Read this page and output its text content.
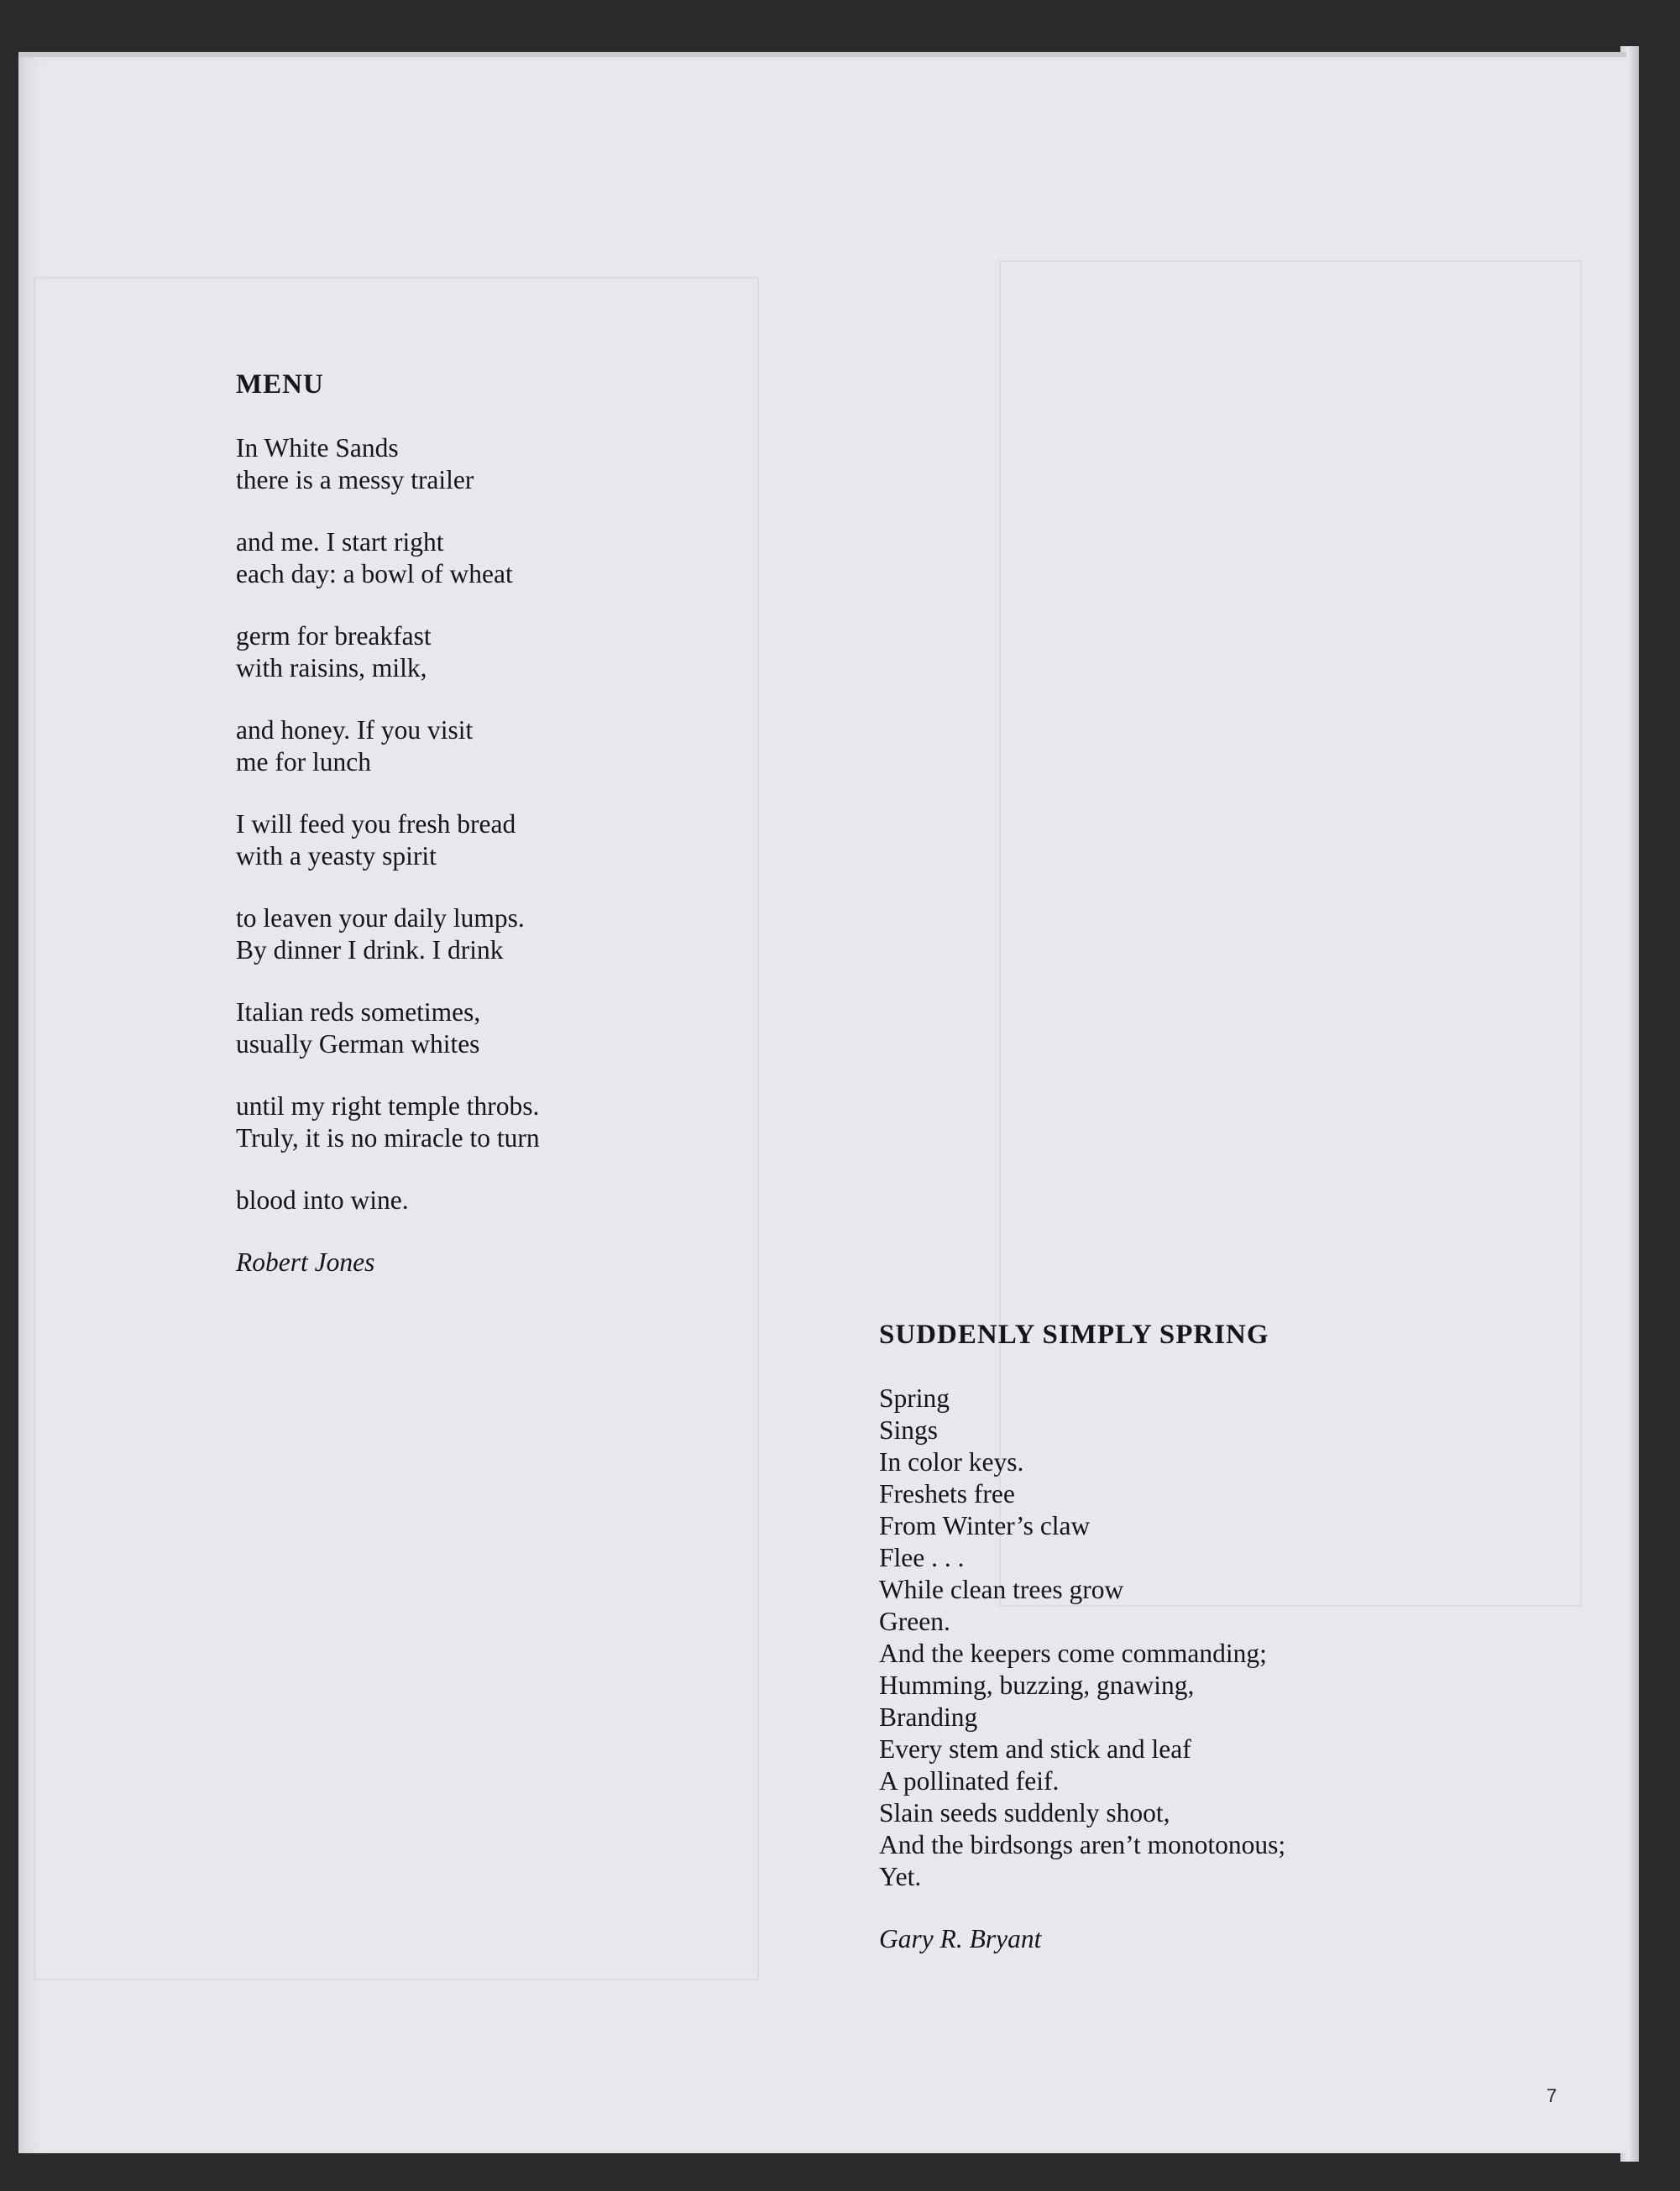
MENU
In White Sands
there is a messy trailer
and me. I start right
each day: a bowl of wheat
germ for breakfast
with raisins, milk,
and honey. If you visit
me for lunch
I will feed you fresh bread
with a yeasty spirit
to leaven your daily lumps.
By dinner I drink. I drink
Italian reds sometimes,
usually German whites
until my right temple throbs.
Truly, it is no miracle to turn
blood into wine.
Robert Jones
SUDDENLY SIMPLY SPRING
Spring
Sings
In color keys.
Freshets free
From Winter’s claw
Flee . . .
While clean trees grow
Green.
And the keepers come commanding;
Humming, buzzing, gnawing,
Branding
Every stem and stick and leaf
A pollinated feif.
Slain seeds suddenly shoot,
And the birdsongs aren’t monotonous;
Yet.
Gary R. Bryant
7
